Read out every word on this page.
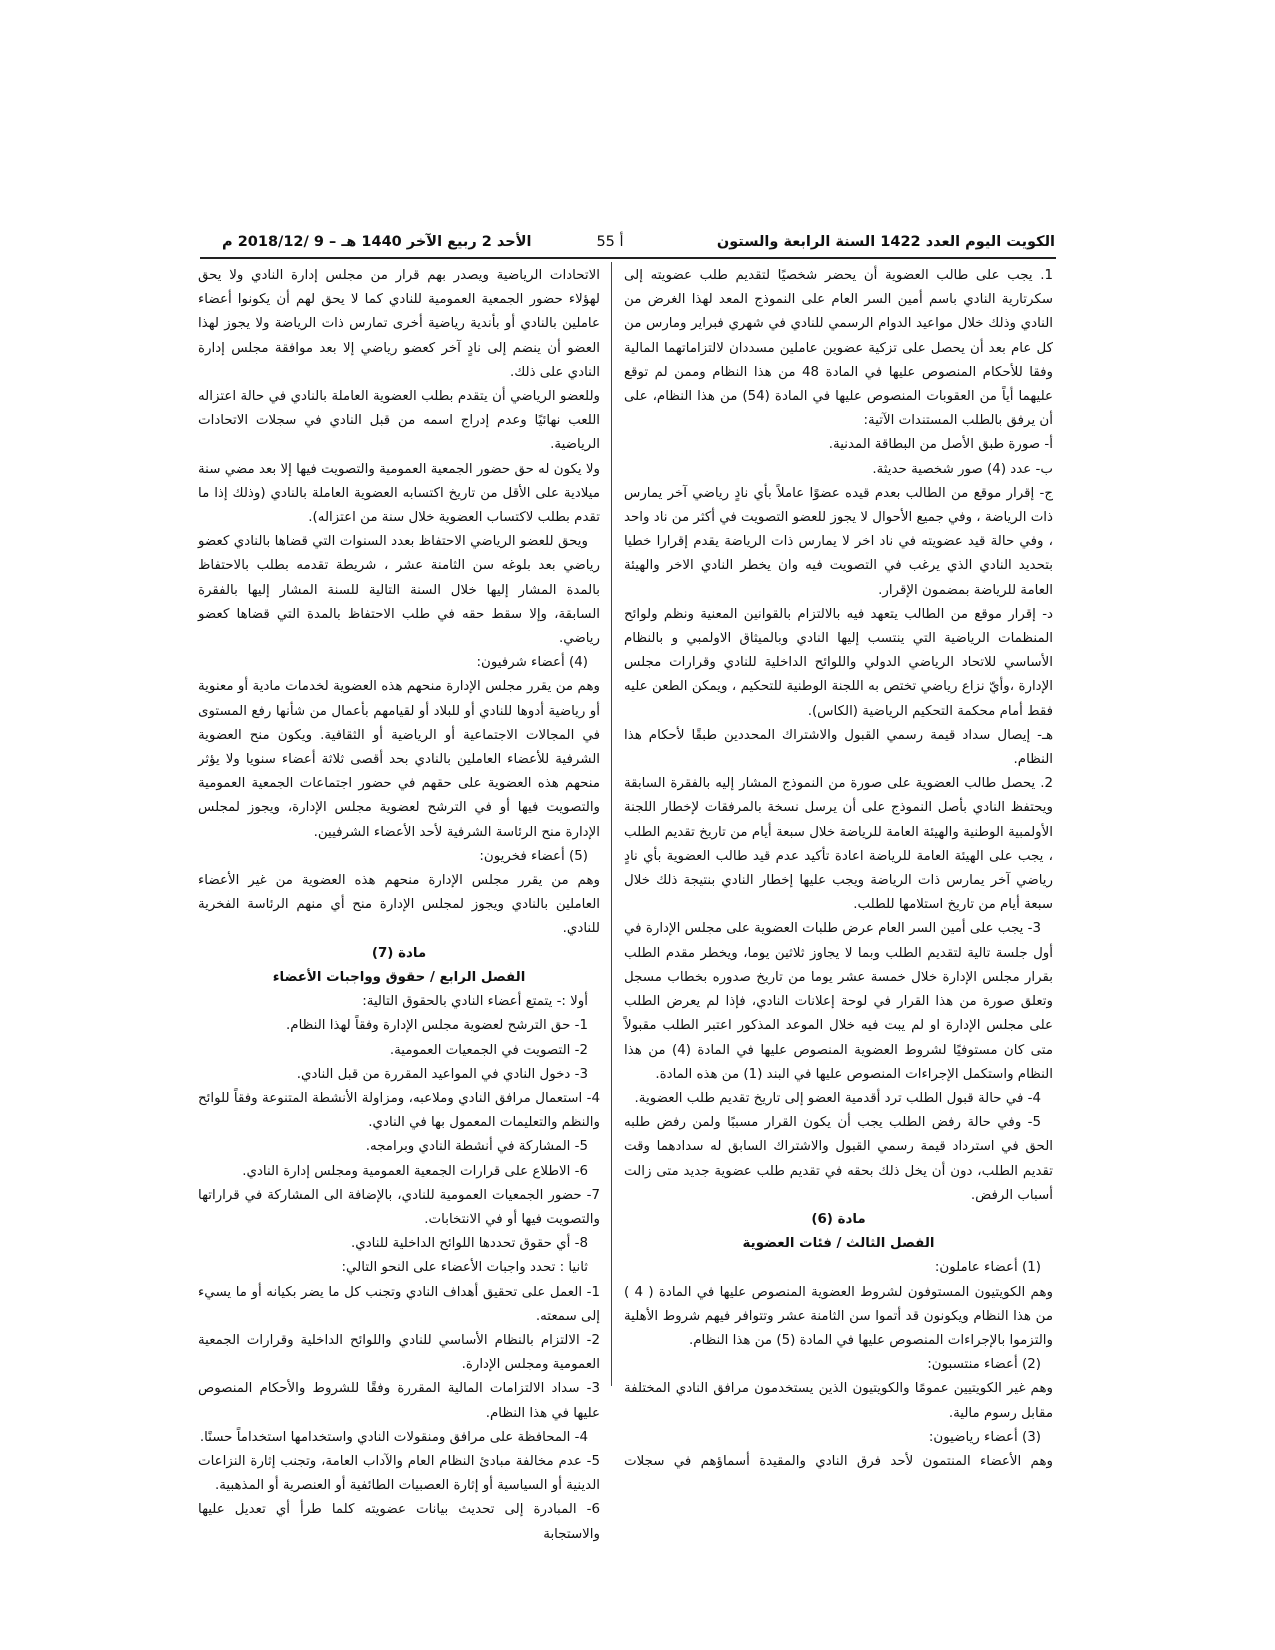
الكويت اليوم العدد 1422 السنة الرابعة والستون
أ 55
الأحد 2 ربيع الآخر 1440 هـ – 9 /2018/12 م

1. يجب على طالب العضوية أن يحضر شخصيًا لتقديم طلب عضويته إلى سكرتارية النادي باسم أمين السر العام على النموذج المعد لهذا الغرض من النادي وذلك خلال مواعيد الدوام الرسمي للنادي في شهري فبراير ومارس من كل عام بعد أن يحصل على تزكية عضوين عاملين مسددان لالتزاماتهما المالية وفقا للأحكام المنصوص عليها في المادة 48 من هذا النظام وممن لم توقع عليهما أياً من العقوبات المنصوص عليها في المادة (54) من هذا النظام، على أن يرفق بالطلب المستندات الآتية:

أ- صورة طبق الأصل من البطاقة المدنية.

ب- عدد (4) صور شخصية حديثة.

ج- إقرار موقع من الطالب بعدم قيده عضوًا عاملاً بأي نادٍ رياضي آخر يمارس ذات الرياضة ، وفي جميع الأحوال لا يجوز للعضو التصويت في أكثر من ناد واحد ، وفي حالة قيد عضويته في ناد اخر لا يمارس ذات الرياضة يقدم إقرارا خطيا بتحديد النادي الذي يرغب في التصويت فيه وان يخطر النادي الاخر والهيئة العامة للرياضة بمضمون الإقرار.

د- إقرار موقع من الطالب يتعهد فيه بالالتزام بالقوانين المعنية ونظم ولوائح المنظمات الرياضية التي ينتسب إليها النادي وبالميثاق الاولمبي و بالنظام الأساسي للاتحاد الرياضي الدولي واللوائح الداخلية للنادي وقرارات مجلس الإدارة ،وأيّ نزاع رياضي تختص به اللجنة الوطنية للتحكيم ، ويمكن الطعن عليه فقط أمام محكمة التحكيم الرياضية (الكاس).

هـ- إيصال سداد قيمة رسمي القبول والاشتراك المحددين طبقًا لأحكام هذا النظام.

2. يحصل طالب العضوية على صورة من النموذج المشار إليه بالفقرة السابقة ويحتفظ النادي بأصل النموذج على أن يرسل نسخة بالمرفقات لإخطار اللجنة الأولمبية الوطنية والهيئة العامة للرياضة خلال سبعة أيام من تاريخ تقديم الطلب ، يجب على الهيئة العامة للرياضة اعادة تأكيد عدم قيد طالب العضوية بأي نادٍ رياضي آخر يمارس ذات الرياضة ويجب عليها إخطار النادي بنتيجة ذلك خلال سبعة أيام من تاريخ استلامها للطلب.

3- يجب على أمين السر العام عرض طلبات العضوية على مجلس الإدارة في أول جلسة تالية لتقديم الطلب وبما لا يجاوز ثلاثين يوما، ويخطر مقدم الطلب بقرار مجلس الإدارة خلال خمسة عشر يوما من تاريخ صدوره بخطاب مسجل وتعلق صورة من هذا القرار في لوحة إعلانات النادي، فإذا لم يعرض الطلب على مجلس الإدارة او لم يبت فيه خلال الموعد المذكور اعتبر الطلب مقبولاً متى كان مستوفيًا لشروط العضوية المنصوص عليها في المادة (4) من هذا النظام واستكمل الإجراءات المنصوص عليها في البند (1) من هذه المادة.

4- في حالة قبول الطلب ترد أقدمية العضو إلى تاريخ تقديم طلب العضوية.

5- وفي حالة رفض الطلب يجب أن يكون القرار مسببًا ولمن رفض طلبه الحق في استرداد قيمة رسمي القبول والاشتراك السابق له سدادهما وقت تقديم الطلب، دون أن يخل ذلك بحقه في تقديم طلب عضوية جديد متى زالت أسباب الرفض.

مادة (6)

الفصل الثالث / فئات العضوية

(1) أعضاء عاملون:

وهم الكويتيون المستوفون لشروط العضوية المنصوص عليها في المادة ( 4 ) من هذا النظام ويكونون قد أتموا سن الثامنة عشر وتتوافر فيهم شروط الأهلية والتزموا بالإجراءات المنصوص عليها في المادة (5) من هذا النظام.

(2) أعضاء منتسبون:

وهم غير الكويتيين عمومًا والكويتيون الذين يستخدمون مرافق النادي المختلفة مقابل رسوم مالية.

(3) أعضاء رياضيون:

وهم الأعضاء المنتمون لأحد فرق النادي والمقيدة أسماؤهم في سجلات

الاتحادات الرياضية ويصدر بهم قرار من مجلس إدارة النادي ولا يحق لهؤلاء حضور الجمعية العمومية للنادي كما لا يحق لهم أن يكونوا أعضاء عاملين بالنادي أو بأندية رياضية أخرى تمارس ذات الرياضة ولا يجوز لهذا العضو أن ينضم إلى نادٍ آخر كعضو رياضي إلا بعد موافقة مجلس إدارة النادي على ذلك.

وللعضو الرياضي أن يتقدم بطلب العضوية العاملة بالنادي في حالة اعتزاله اللعب نهائيًا وعدم إدراج اسمه من قبل النادي في سجلات الاتحادات الرياضية.

ولا يكون له حق حضور الجمعية العمومية والتصويت فيها إلا بعد مضي سنة ميلادية على الأقل من تاريخ اكتسابه العضوية العاملة بالنادي (وذلك إذا ما تقدم بطلب لاكتساب العضوية خلال سنة من اعتزاله).

ويحق للعضو الرياضي الاحتفاظ بعدد السنوات التي قضاها بالنادي كعضو رياضي بعد بلوغه سن الثامنة عشر ، شريطة تقدمه بطلب بالاحتفاظ بالمدة المشار إليها خلال السنة التالية للسنة المشار إليها بالفقرة السابقة، وإلا سقط حقه في طلب الاحتفاظ بالمدة التي قضاها كعضو رياضي.

(4) أعضاء شرفيون:

وهم من يقرر مجلس الإدارة منحهم هذه العضوية لخدمات مادية أو معنوية أو رياضية أدوها للنادي أو للبلاد أو لقيامهم بأعمال من شأنها رفع المستوى في المجالات الاجتماعية أو الرياضية أو الثقافية. ويكون منح العضوية الشرفية للأعضاء العاملين بالنادي بحد أقصى ثلاثة أعضاء سنويا ولا يؤثر منحهم هذه العضوية على حقهم في حضور اجتماعات الجمعية العمومية والتصويت فيها أو في الترشح لعضوية مجلس الإدارة، ويجوز لمجلس الإدارة منح الرئاسة الشرفية لأحد الأعضاء الشرفيين.

(5) أعضاء فخريون:

وهم من يقرر مجلس الإدارة منحهم هذه العضوية من غير الأعضاء العاملين بالنادي ويجوز لمجلس الإدارة منح أي منهم الرئاسة الفخرية للنادي.

مادة (7)

الفصل الرابع / حقوق وواجبات الأعضاء

أولا :- يتمتع أعضاء النادي بالحقوق التالية:

1- حق الترشح لعضوية مجلس الإدارة وفقاً لهذا النظام.

2- التصويت في الجمعيات العمومية.

3- دخول النادي في المواعيد المقررة من قبل النادي.

4- استعمال مرافق النادي وملاعبه، ومزاولة الأنشطة المتنوعة وفقاً للوائح والنظم والتعليمات المعمول بها في النادي.

5- المشاركة في أنشطة النادي وبرامجه.

6- الاطلاع على قرارات الجمعية العمومية ومجلس إدارة النادي.

7- حضور الجمعيات العمومية للنادي، بالإضافة الى المشاركة في قراراتها والتصويت فيها أو في الانتخابات.

8- أي حقوق تحددها اللوائح الداخلية للنادي.

ثانيا : تحدد واجبات الأعضاء على النحو التالي:

1- العمل على تحقيق أهداف النادي وتجنب كل ما يضر بكيانه أو ما يسيء إلى سمعته.

2- الالتزام بالنظام الأساسي للنادي واللوائح الداخلية وقرارات الجمعية العمومية ومجلس الإدارة.

3- سداد الالتزامات المالية المقررة وفقًا للشروط والأحكام المنصوص عليها في هذا النظام.

4- المحافظة على مرافق ومنقولات النادي واستخدامها استخداماً حسنًا.

5- عدم مخالفة مبادئ النظام العام والآداب العامة، وتجنب إثارة النزاعات الدينية أو السياسية أو إثارة العصبيات الطائفية أو العنصرية أو المذهبية.

6- المبادرة إلى تحديث بيانات عضويته كلما طرأ أي تعديل عليها والاستجابة
